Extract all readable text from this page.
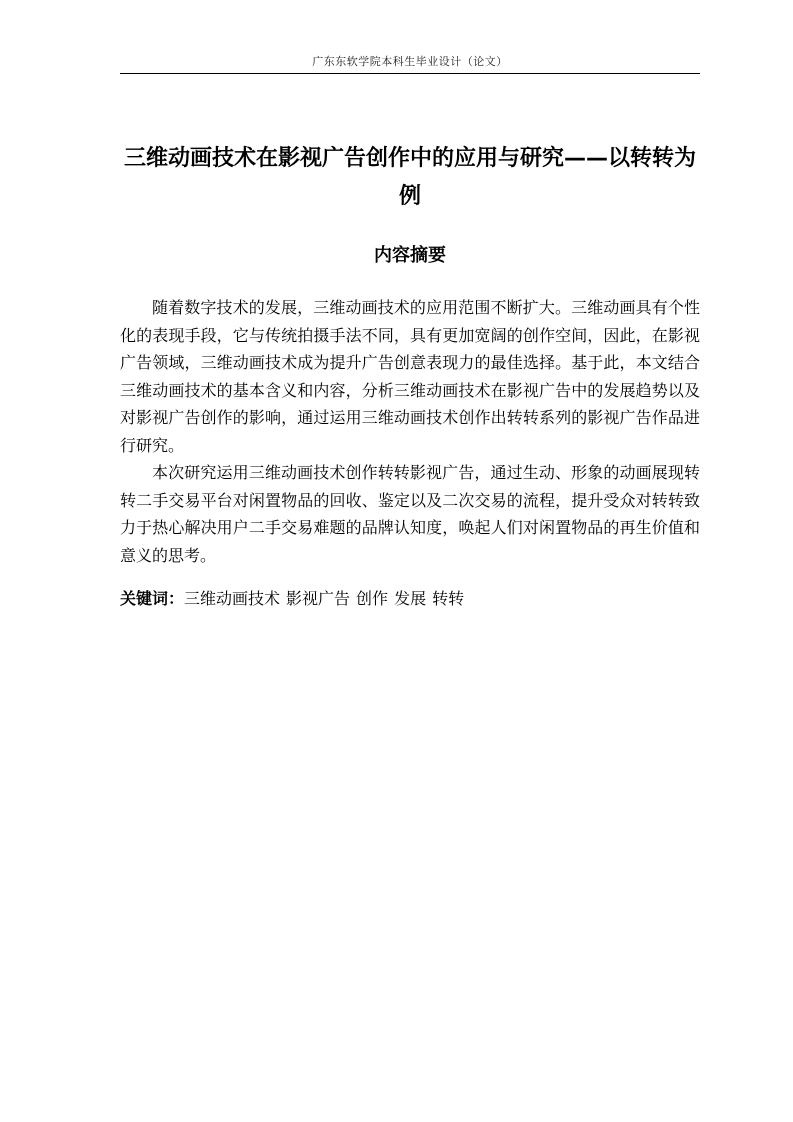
广东东软学院本科生毕业设计（论文）
三维动画技术在影视广告创作中的应用与研究——以转转为例
内容摘要

随着数字技术的发展，三维动画技术的应用范围不断扩大。三维动画具有个性化的表现手段，它与传统拍摄手法不同，具有更加宽阔的创作空间，因此，在影视广告领域，三维动画技术成为提升广告创意表现力的最佳选择。基于此，本文结合三维动画技术的基本含义和内容，分析三维动画技术在影视广告中的发展趋势以及对影视广告创作的影响，通过运用三维动画技术创作出转转系列的影视广告作品进行研究。

本次研究运用三维动画技术创作转转影视广告，通过生动、形象的动画展现转转二手交易平台对闲置物品的回收、鉴定以及二次交易的流程，提升受众对转转致力于热心解决用户二手交易难题的品牌认知度，唤起人们对闲置物品的再生价值和意义的思考。

关键词：三维动画技术 影视广告 创作 发展 转转
